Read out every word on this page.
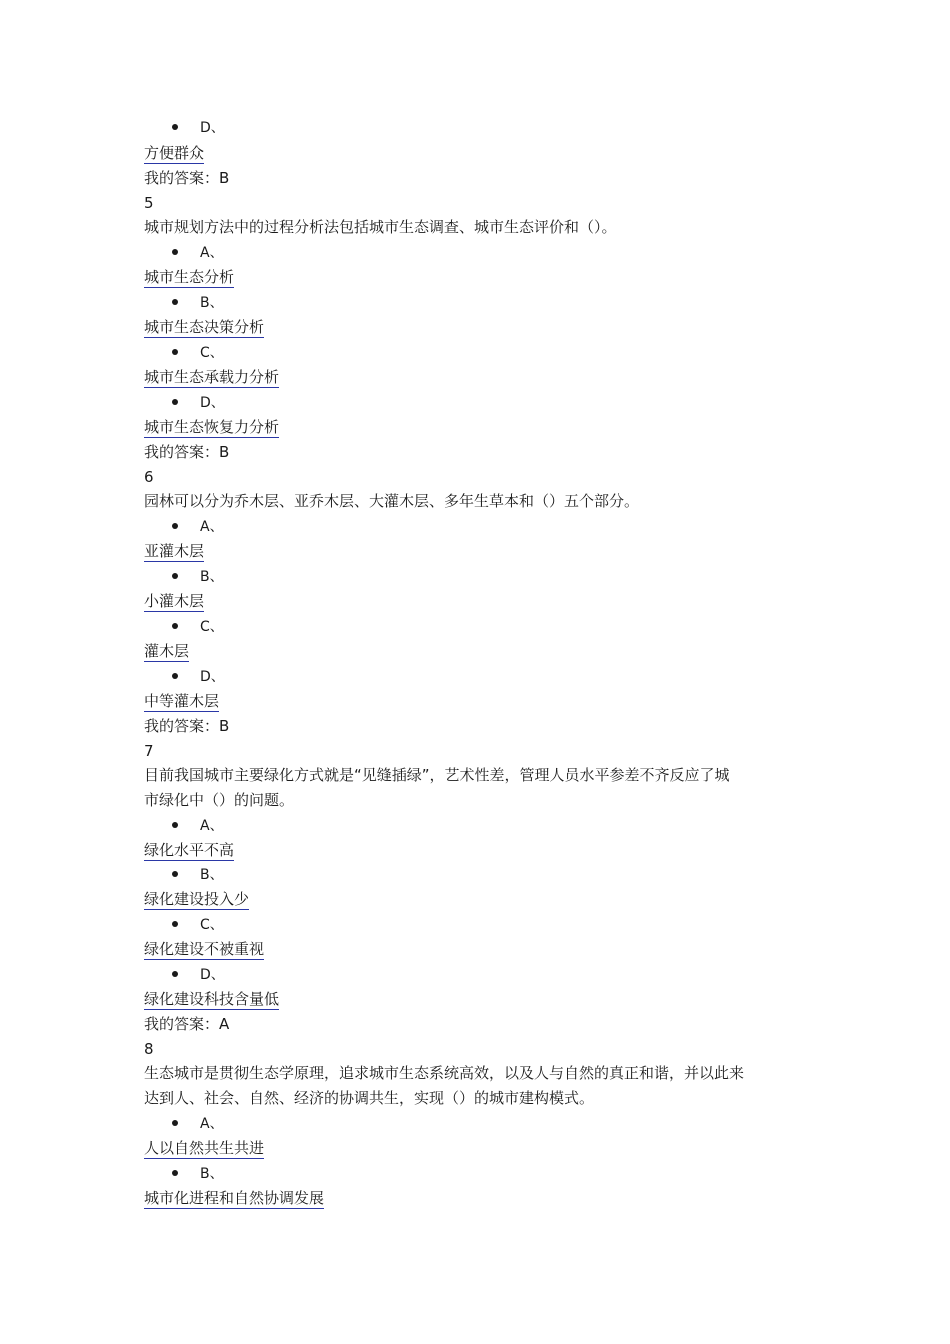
D、
方便群众
我的答案：B
5
城市规划方法中的过程分析法包括城市生态调查、城市生态评价和（）。
A、
城市生态分析
B、
城市生态决策分析
C、
城市生态承载力分析
D、
城市生态恢复力分析
我的答案：B
6
园林可以分为乔木层、亚乔木层、大灌木层、多年生草本和（）五个部分。
A、
亚灌木层
B、
小灌木层
C、
灌木层
D、
中等灌木层
我的答案：B
7
目前我国城市主要绿化方式就是“见缝插绿”，艺术性差，管理人员水平参差不齐反应了城
市绿化中（）的问题。
A、
绿化水平不高
B、
绿化建设投入少
C、
绿化建设不被重视
D、
绿化建设科技含量低
我的答案：A
8
生态城市是贯彻生态学原理，追求城市生态系统高效，以及人与自然的真正和谐，并以此来
达到人、社会、自然、经济的协调共生，实现（）的城市建构模式。
A、
人以自然共生共进
B、
城市化进程和自然协调发展
